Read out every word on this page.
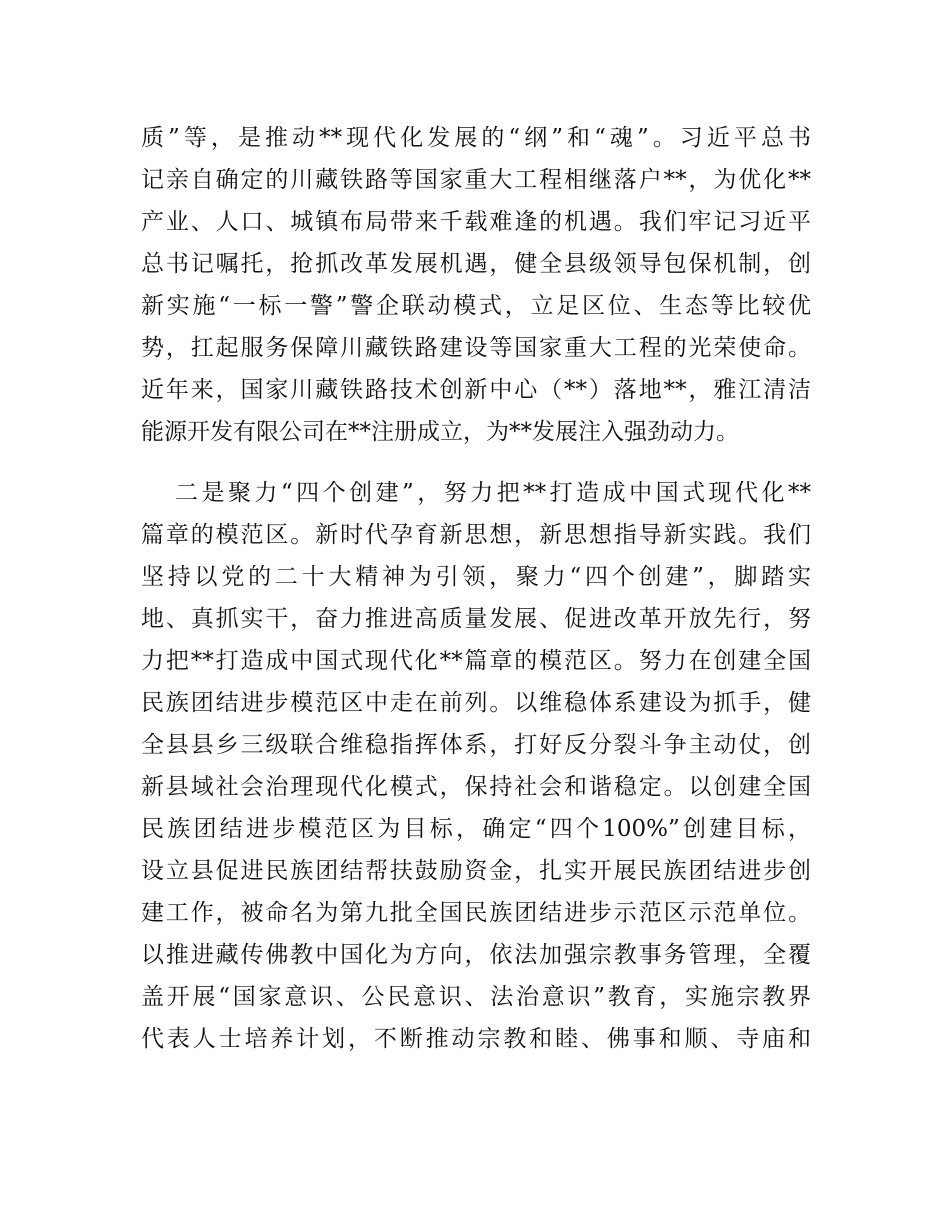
质”等，是推动**现代化发展的“纲”和“魂”。习近平总书
记亲自确定的川藏铁路等国家重大工程相继落户**，为优化**
产业、人口、城镇布局带来千载难逢的机遇。我们牢记习近平
总书记嘱托，抢抓改革发展机遇，健全县级领导包保机制，创
新实施“一标一警”警企联动模式，立足区位、生态等比较优
势，扛起服务保障川藏铁路建设等国家重大工程的光荣使命。
近年来，国家川藏铁路技术创新中心（**）落地**，雅江清洁
能源开发有限公司在**注册成立，为**发展注入强劲动力。
二是聚力“四个创建”，努力把**打造成中国式现代化**
篇章的模范区。新时代孕育新思想，新思想指导新实践。我们
坚持以党的二十大精神为引领，聚力“四个创建”，脚踏实
地、真抓实干，奋力推进高质量发展、促进改革开放先行，努
力把**打造成中国式现代化**篇章的模范区。努力在创建全国
民族团结进步模范区中走在前列。以维稳体系建设为抓手，健
全县县乡三级联合维稳指挥体系，打好反分裂斗争主动仗，创
新县域社会治理现代化模式，保持社会和谐稳定。以创建全国
民族团结进步模范区为目标，确定“四个100%”创建目标，
设立县促进民族团结帮扶鼓励资金，扎实开展民族团结进步创
建工作，被命名为第九批全国民族团结进步示范区示范单位。
以推进藏传佛教中国化为方向，依法加强宗教事务管理，全覆
盖开展“国家意识、公民意识、法治意识”教育，实施宗教界
代表人士培养计划，不断推动宗教和睦、佛事和顺、寺庙和
